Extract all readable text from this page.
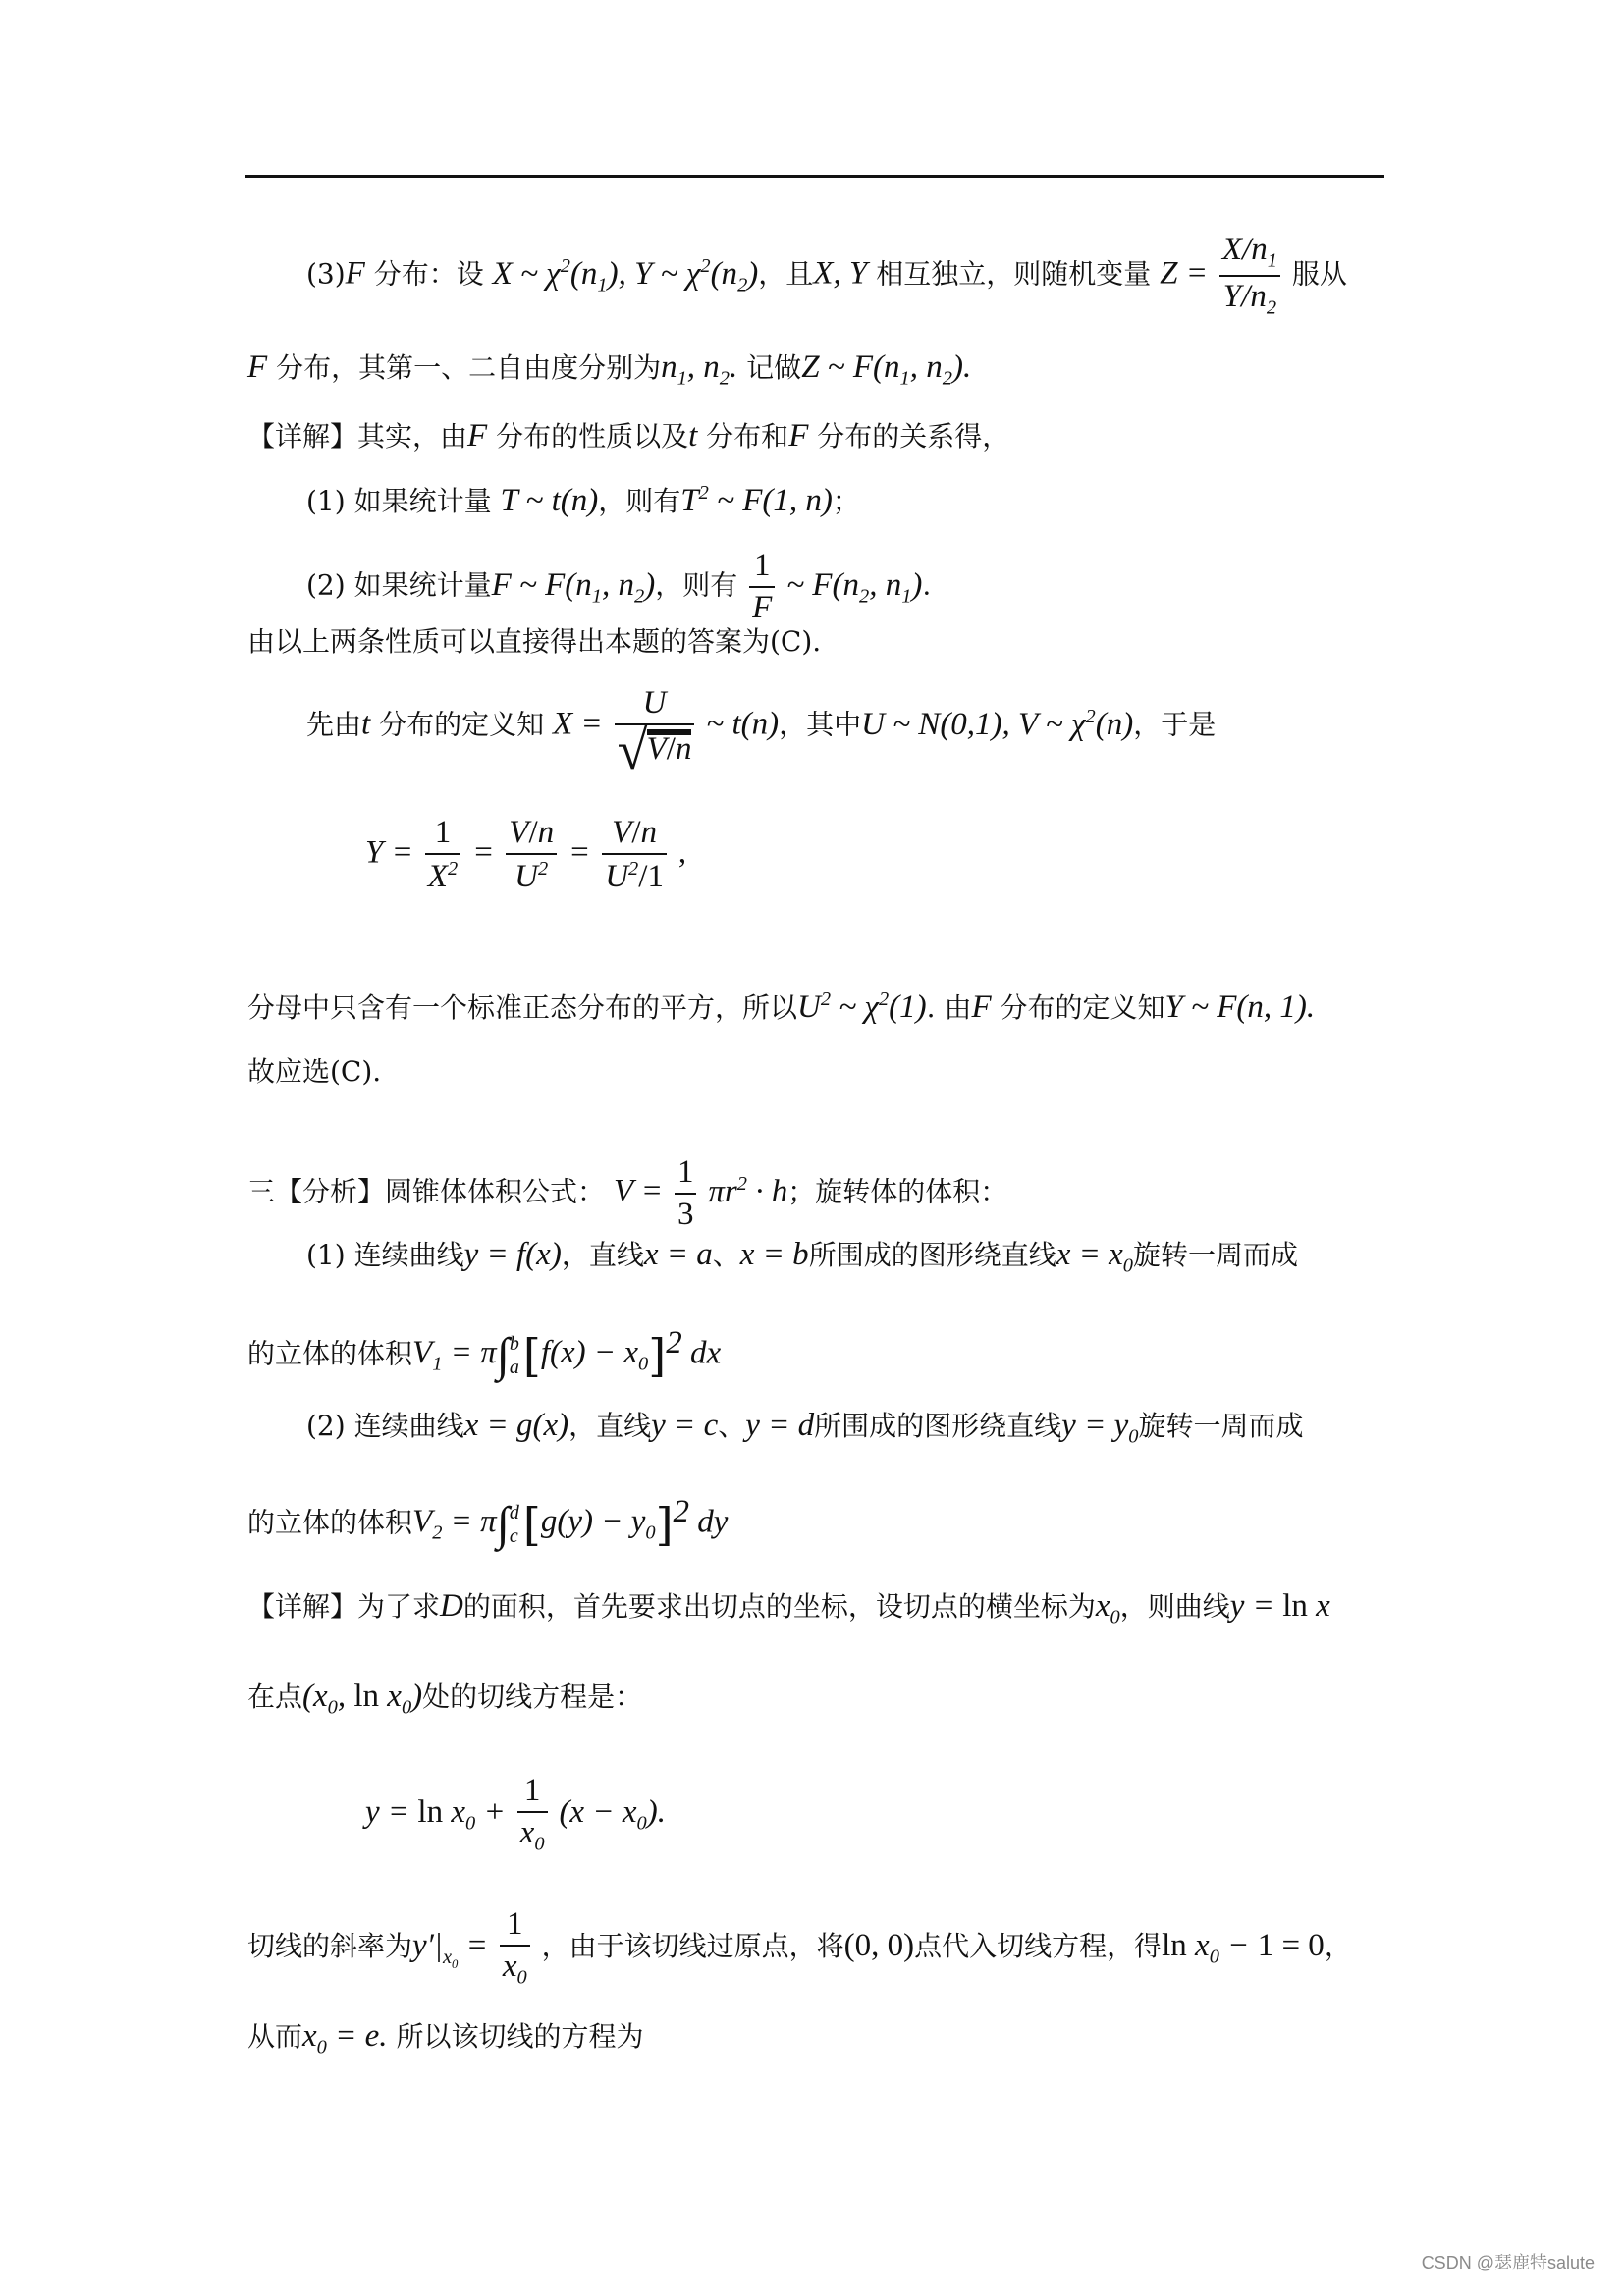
(3)F 分布：设 X ~ $\chi^2(n_1)$, Y ~ $\chi^2(n_2)$，且X, Y 相互独立，则随机变量 $Z = \frac{X/n_1}{Y/n_2}$ 服从
F 分布，其第一、二自由度分别为$n_1$, $n_2$. 记做Z ~ $F(n_1$, $n_2$).
【详解】其实，由F 分布的性质以及t 分布和F 分布的关系得，
(1) 如果统计量 T ~ t(n)，则有$T^2$ ~ F(1, n)；
(2) 如果统计量F ~ $F(n_1$, $n_2$)，则有 $\frac{1}{F}$ ~ $F(n_2$, $n_1$).
由以上两条性质可以直接得出本题的答案为(C).
先由t 分布的定义知 $X = \frac{U}{√ V/n}$ ~ t(n)，其中U ~ N(0,1), V ~ $\chi^2(n)$，于是
$Y = \frac{1}{X^2} = \frac{V/n}{U^2} = \frac{V/n}{U^2/1}$ ,
分母中只含有一个标准正态分布的平方，所以$U^2$ ~ $\chi^2(1)$. 由F 分布的定义知Y ~ F(n, 1).
故应选(C).
三【分析】圆锥体体积公式： $V = \frac{1}{3} \pi r^2 \cdot h$；旋转体的体积：
(1) 连续曲线y = f(x)，直线x = a、x = b所围成的图形绕直线$x = x_0$旋转一周而成
的立体的体积$V_1 = \pi\int$ b
a $[f(x) - x_0]^2$ dx
(2) 连续曲线x = g(x)，直线y = c、y = d所围成的图形绕直线$y = y_0$旋转一周而成
的立体的体积$V_2 = \pi\int$ d
c $[g(y) - y_0]^2$ dy
【详解】为了求D的面积，首先要求出切点的坐标，设切点的横坐标为$x_0$，则曲线y = ln x
在点($x_0$, $\ln x_0$)处的切线方程是：
$y = \ln x_0 + \frac{1}{x_0} (x - x_0)$.
切线的斜率为$y'|_{x_0} = \frac{1}{x_0}$ ，由于该切线过原点，将(0, 0)点代入切线方程，得$\ln x_0 - 1 = 0$，
从而$x_0 = e$. 所以该切线的方程为
CSDN @瑟鹿特salute
